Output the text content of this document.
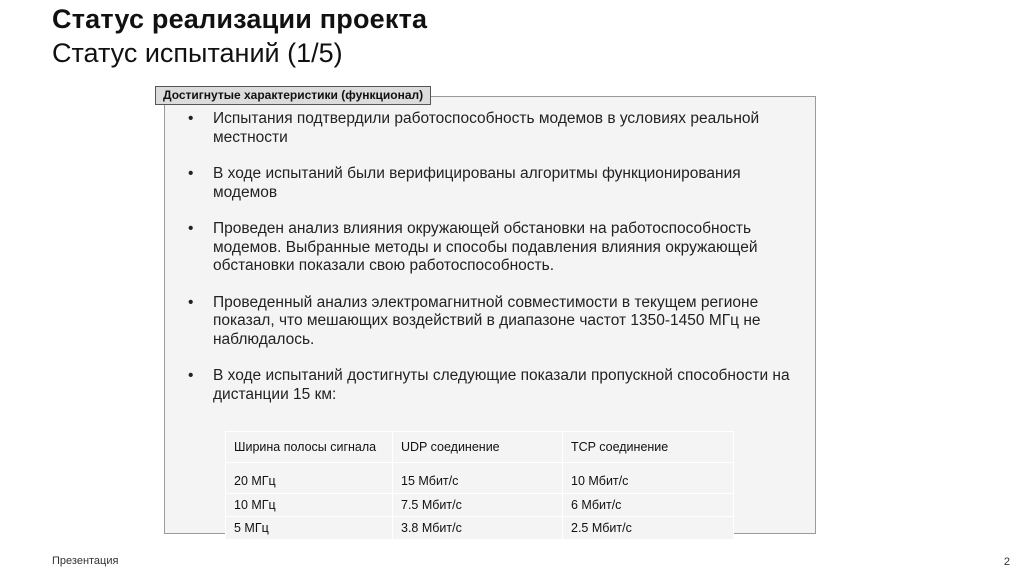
Статус реализации проекта
Статус испытаний (1/5)
Достигнутые характеристики (функционал)
• Испытания подтвердили работоспособность модемов в условиях реальной местности
• В ходе испытаний были верифицированы алгоритмы функционирования модемов
• Проведен анализ влияния окружающей обстановки на работоспособность модемов. Выбранные методы и способы подавления влияния окружающей обстановки показали свою работоспособность.
• Проведенный анализ электромагнитной совместимости в текущем регионе показал, что мешающих воздействий в диапазоне частот 1350-1450 МГц не наблюдалось.
• В ходе испытаний достигнуты следующие показали пропускной способности на дистанции 15 км:
Ширина полосы сигнала	UDP соединение	TCP соединение
20 МГц	15 Мбит/с	10 Мбит/с
10 МГц	7.5 Мбит/с	6 Мбит/с
5 МГц	3.8 Мбит/с	2.5 Мбит/с
Презентация	2
